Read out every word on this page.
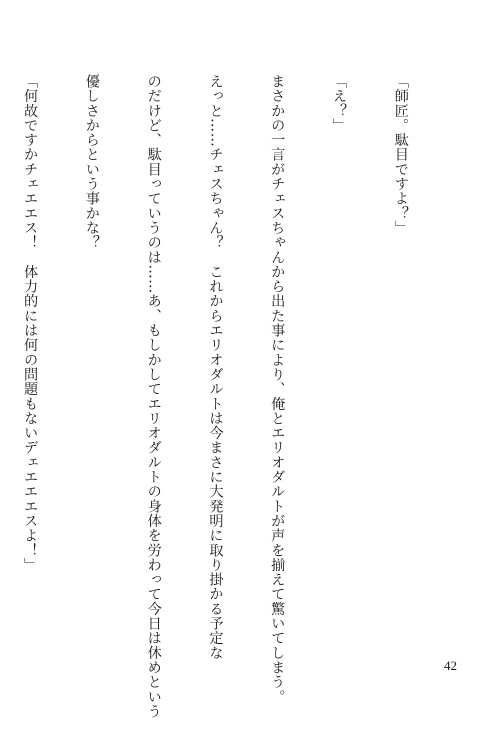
「師匠。駄目ですよ？」

「え？」

まさかの一言がチェスちゃんから出た事により、俺とエリオダルトが声を揃えて驚いてしまう。

えっと……チェスちゃん？　これからエリオダルトは今まさに大発明に取り掛かる予定な

のだけど、駄目っていうのは……あ、もしかしてエリオダルトの身体を労わって今日は休めという

優しさからという事かな？

「何故ですかチェエエス！　体力的には何の問題もないデェエエエスよ！」

42
